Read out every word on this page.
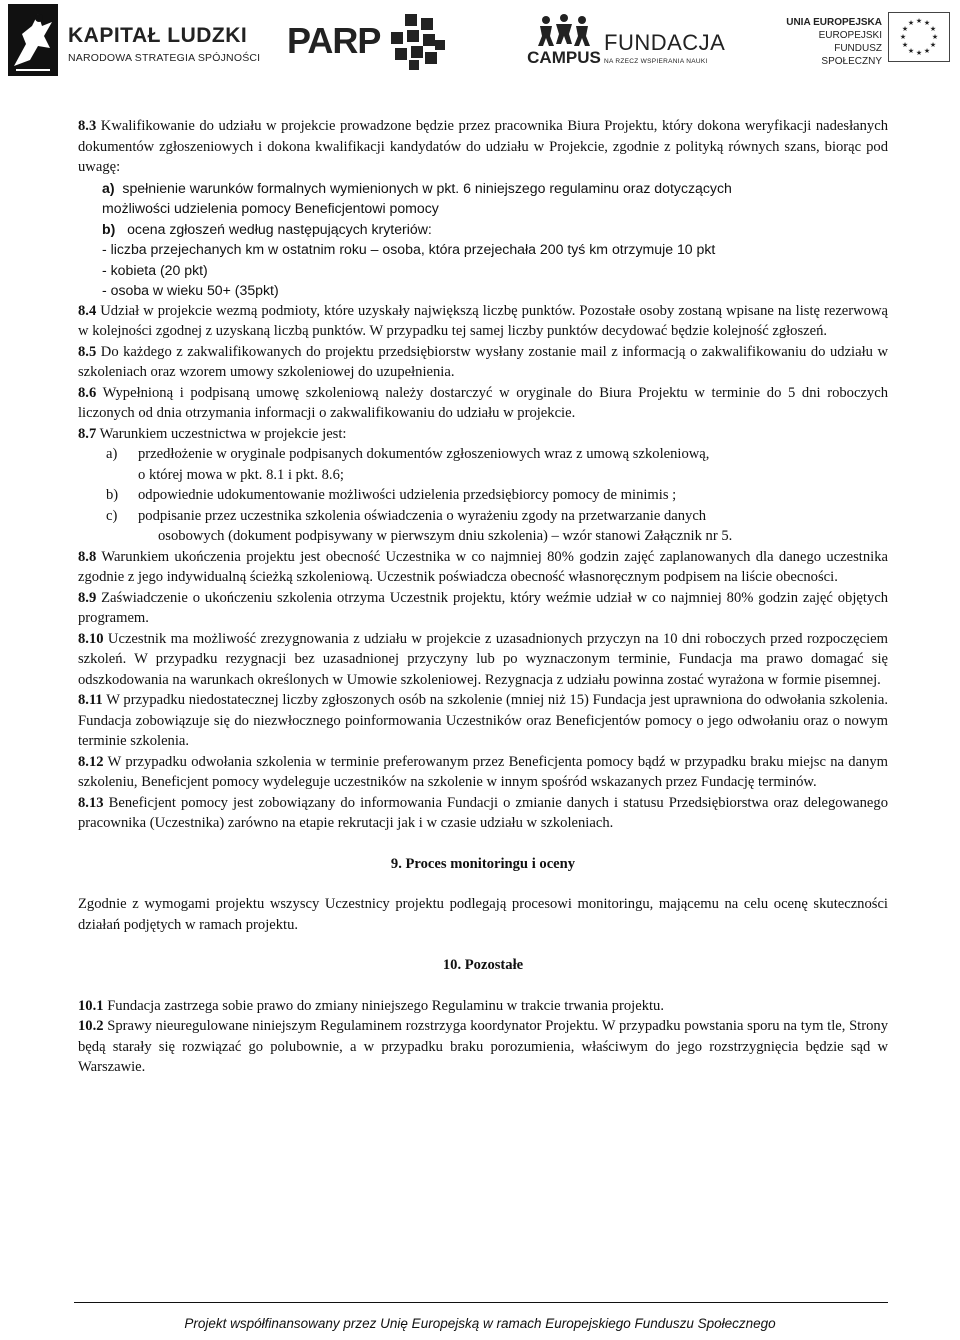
KAPITAŁ LUDZKI
NARODOWA STRATEGIA SPÓJNOŚCI PARP	CAMPUS
FUNDACJA
NA RZECZ WSPIERANIA NAUKI
UNIA EUROPEJSKA
EUROPEJSKI
FUNDUSZ SPOŁECZNY
★ ★
★
★
★
★
★
★
★
★
★
★

8.3 Kwalifikowanie do udziału w projekcie prowadzone będzie przez pracownika Biura Projektu, który dokona weryfikacji nadesłanych dokumentów zgłoszeniowych i dokona kwalifikacji kandydatów do udziału w Projekcie, zgodnie z polityką równych szans, biorąc pod uwagę:

a) spełnienie warunków formalnych wymienionych w pkt. 6 niniejszego regulaminu oraz dotyczących

możliwości udzielenia pomocy Beneficjentowi pomocy

b) ocena zgłoszeń według następujących kryteriów:

- liczba przejechanych km w ostatnim roku – osoba, która przejechała 200 tyś km otrzymuje 10 pkt

- kobieta (20 pkt)

- osoba w wieku 50+ (35pkt)

8.4 Udział w projekcie wezmą podmioty, które uzyskały największą liczbę punktów. Pozostałe osoby zostaną wpisane na listę rezerwową w kolejności zgodnej z uzyskaną liczbą punktów. W przypadku tej samej liczby punktów decydować będzie kolejność zgłoszeń.

8.5 Do każdego z zakwalifikowanych do projektu przedsiębiorstw wysłany zostanie mail z informacją o zakwalifikowaniu do udziału w szkoleniach oraz wzorem umowy szkoleniowej do uzupełnienia.

8.6 Wypełnioną i podpisaną umowę szkoleniową należy dostarczyć w oryginale do Biura Projektu w terminie do 5 dni roboczych liczonych od dnia otrzymania informacji o zakwalifikowaniu do udziału w projekcie.

8.7 Warunkiem uczestnictwa w projekcie jest:

a) przedłożenie w oryginale podpisanych dokumentów zgłoszeniowych wraz z umową szkoleniową,

o której mowa w pkt. 8.1 i pkt. 8.6;

b) odpowiednie udokumentowanie możliwości udzielenia przedsiębiorcy pomocy de minimis ;

c) podpisanie przez uczestnika szkolenia oświadczenia o wyrażeniu zgody na przetwarzanie danych

osobowych (dokument podpisywany w pierwszym dniu szkolenia) – wzór stanowi Załącznik nr 5.

8.8 Warunkiem ukończenia projektu jest obecność Uczestnika w co najmniej 80% godzin zajęć zaplanowanych dla danego uczestnika zgodnie z jego indywidualną ścieżką szkoleniową. Uczestnik poświadcza obecność własnoręcznym podpisem na liście obecności.

8.9 Zaświadczenie o ukończeniu szkolenia otrzyma Uczestnik projektu, który weźmie udział w co najmniej 80% godzin zajęć objętych programem.

8.10 Uczestnik ma możliwość zrezygnowania z udziału w projekcie z uzasadnionych przyczyn na 10 dni roboczych przed rozpoczęciem szkoleń. W przypadku rezygnacji bez uzasadnionej przyczyny lub po wyznaczonym terminie, Fundacja ma prawo domagać się odszkodowania na warunkach określonych w Umowie szkoleniowej. Rezygnacja z udziału powinna zostać wyrażona w formie pisemnej.

8.11 W przypadku niedostatecznej liczby zgłoszonych osób na szkolenie (mniej niż 15) Fundacja jest uprawniona do odwołania szkolenia. Fundacja zobowiązuje się do niezwłocznego poinformowania Uczestników oraz Beneficjentów pomocy o jego odwołaniu oraz o nowym terminie szkolenia.

8.12 W przypadku odwołania szkolenia w terminie preferowanym przez Beneficjenta pomocy bądź w przypadku braku miejsc na danym szkoleniu, Beneficjent pomocy wydeleguje uczestników na szkolenie w innym spośród wskazanych przez Fundację terminów.

8.13 Beneficjent pomocy jest zobowiązany do informowania Fundacji o zmianie danych i statusu Przedsiębiorstwa oraz delegowanego pracownika (Uczestnika) zarówno na etapie rekrutacji jak i w czasie udziału w szkoleniach.

9. Proces monitoringu i oceny

Zgodnie z wymogami projektu wszyscy Uczestnicy projektu podlegają procesowi monitoringu, mającemu na celu ocenę skuteczności działań podjętych w ramach projektu.

10. Pozostałe

10.1 Fundacja zastrzega sobie prawo do zmiany niniejszego Regulaminu w trakcie trwania projektu.

10.2 Sprawy nieuregulowane niniejszym Regulaminem rozstrzyga koordynator Projektu. W przypadku powstania sporu na tym tle, Strony będą starały się rozwiązać go polubownie, a w przypadku braku porozumienia, właściwym do jego rozstrzygnięcia będzie sąd w Warszawie.

Projekt współfinansowany przez Unię Europejską w ramach Europejskiego Funduszu Społecznego
